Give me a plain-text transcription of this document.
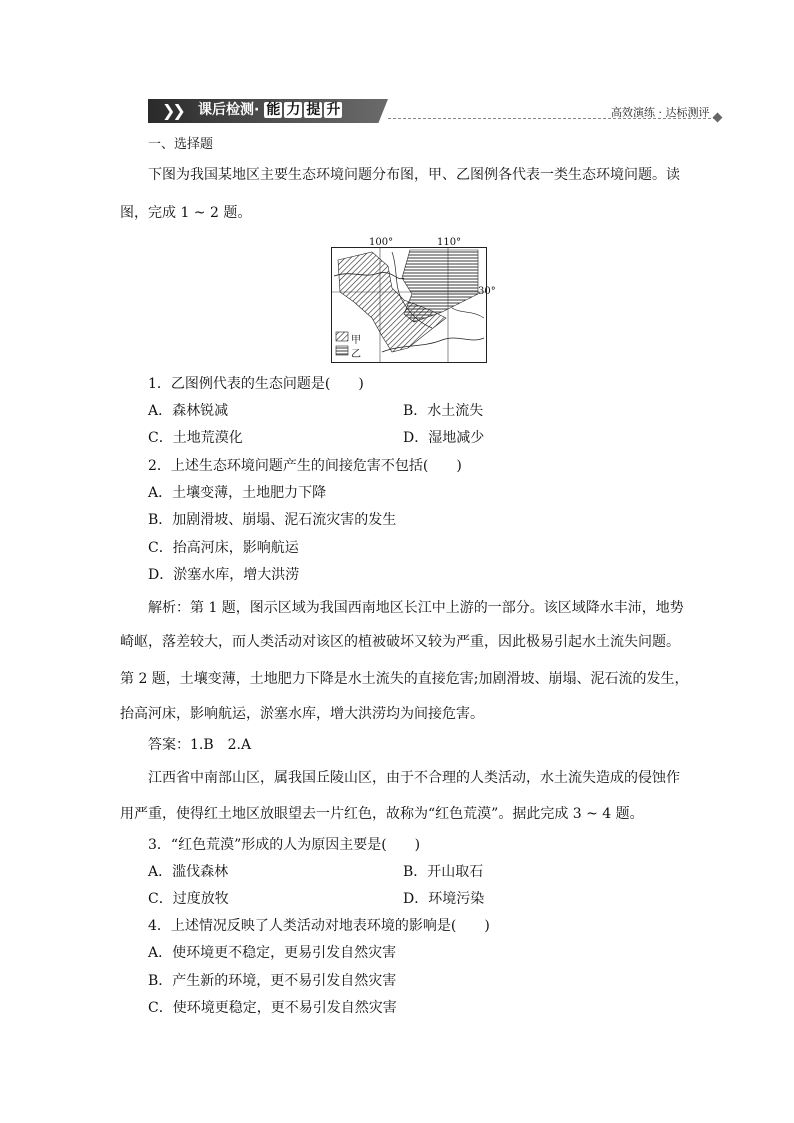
❯❯ 课后检测· 能 力 提 升	高效演练 · 达标测评
一、选择题
下图为我国某地区主要生态环境问题分布图，甲、乙图例各代表一类生态环境问题。读
图，完成 1 ~ 2 题。
100°	110°
30°
甲
乙
1．乙图例代表的生态问题是(　　)
A．森林锐减	B．水土流失
C．土地荒漠化	D．湿地减少
2．上述生态环境问题产生的间接危害不包括(　　)
A．土壤变薄，土地肥力下降
B．加剧滑坡、崩塌、泥石流灾害的发生
C．抬高河床，影响航运
D．淤塞水库，增大洪涝
解析：第 1 题，图示区域为我国西南地区长江中上游的一部分。该区域降水丰沛，地势
崎岖，落差较大，而人类活动对该区的植被破坏又较为严重，因此极易引起水土流失问题。
第 2 题，土壤变薄，土地肥力下降是水土流失的直接危害;加剧滑坡、崩塌、泥石流的发生，
抬高河床，影响航运，淤塞水库，增大洪涝均为间接危害。
答案：1.B　2.A
江西省中南部山区，属我国丘陵山区，由于不合理的人类活动，水土流失造成的侵蚀作
用严重，使得红土地区放眼望去一片红色，故称为“红色荒漠”。据此完成 3 ~ 4 题。
3．“红色荒漠”形成的人为原因主要是(　　)
A．滥伐森林	B．开山取石
C．过度放牧	D．环境污染
4．上述情况反映了人类活动对地表环境的影响是(　　)
A．使环境更不稳定，更易引发自然灾害
B．产生新的环境，更不易引发自然灾害
C．使环境更稳定，更不易引发自然灾害
